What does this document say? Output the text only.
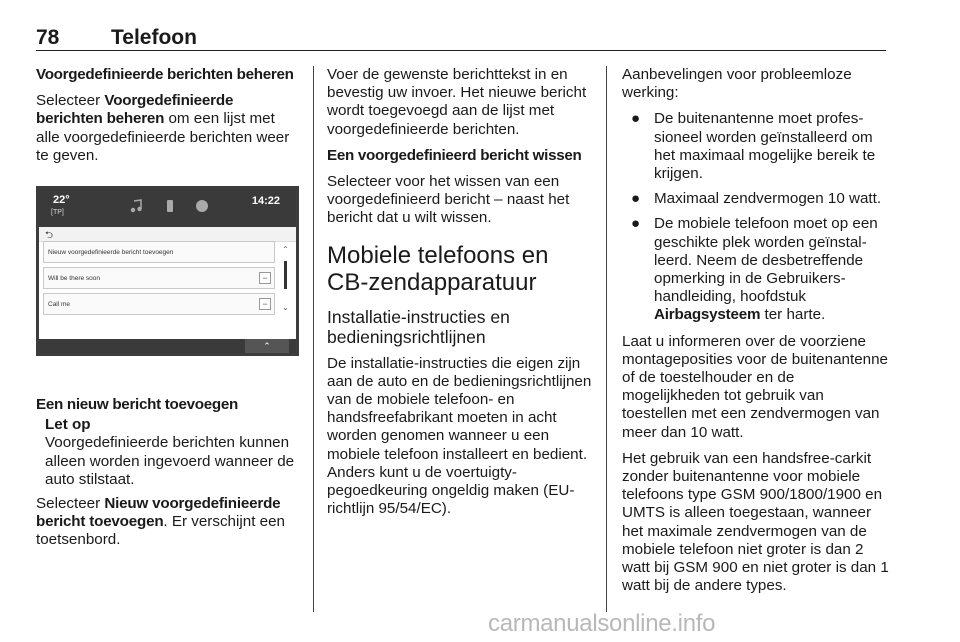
78 Telefoon

Voorgedefinieerde berichten beheren

Selecteer Voorgedefinieerde berichten beheren om een lijst met alle voorgedefinieerde berichten weer te geven.

22°
[TP]
14:22
⮌
Nieuw voorgedefinieerde bericht toevoegen
Will be there soon	−
Call me	−
⌃
⌄
⌃

Een nieuw bericht toevoegen

Let op
Voorgedefinieerde berichten kunnen alleen worden ingevoerd wanneer de auto stilstaat.

Selecteer Nieuw voorgedefinieerde bericht toevoegen. Er verschijnt een toetsenbord.

Voer de gewenste berichttekst in en bevestig uw invoer. Het nieuwe bericht wordt toegevoegd aan de lijst met voorgedefinieerde berichten.

Een voorgedefinieerd bericht wissen

Selecteer voor het wissen van een voorgedefinieerd bericht – naast het bericht dat u wilt wissen.

Mobiele telefoons en CB-zendapparatuur
Installatie-instructies en bedieningsrichtlijnen

De installatie-instructies die eigen zijn aan de auto en de bedieningsrichtlijnen van de mobiele telefoon- en handsfreefabrikant moeten in acht worden genomen wanneer u een mobiele telefoon installeert en bedient. Anders kunt u de voertuigtypegoedkeuring ongeldig maken (EU-richtlijn 95/54/EC).

Aanbevelingen voor probleemloze werking:

● De buitenantenne moet professioneel worden geïnstalleerd om het maximaal mogelijke bereik te krijgen.
● Maximaal zendvermogen 10 watt.
● De mobiele telefoon moet op een geschikte plek worden geïnstalleerd. Neem de desbetreffende opmerking in de Gebruikershandleiding, hoofdstuk Airbagsysteem ter harte.

Laat u informeren over de voorziene montageposities voor de buitenantenne of de toestelhouder en de mogelijkheden tot gebruik van toestellen met een zendvermogen van meer dan 10 watt.

Het gebruik van een handsfree-carkit zonder buitenantenne voor mobiele telefoons type GSM 900/1800/1900 en UMTS is alleen toegestaan, wanneer het maximale zendvermogen van de mobiele telefoon niet groter is dan 2 watt bij GSM 900 en niet groter is dan 1 watt bij de andere types.

carmanualsonline.info
